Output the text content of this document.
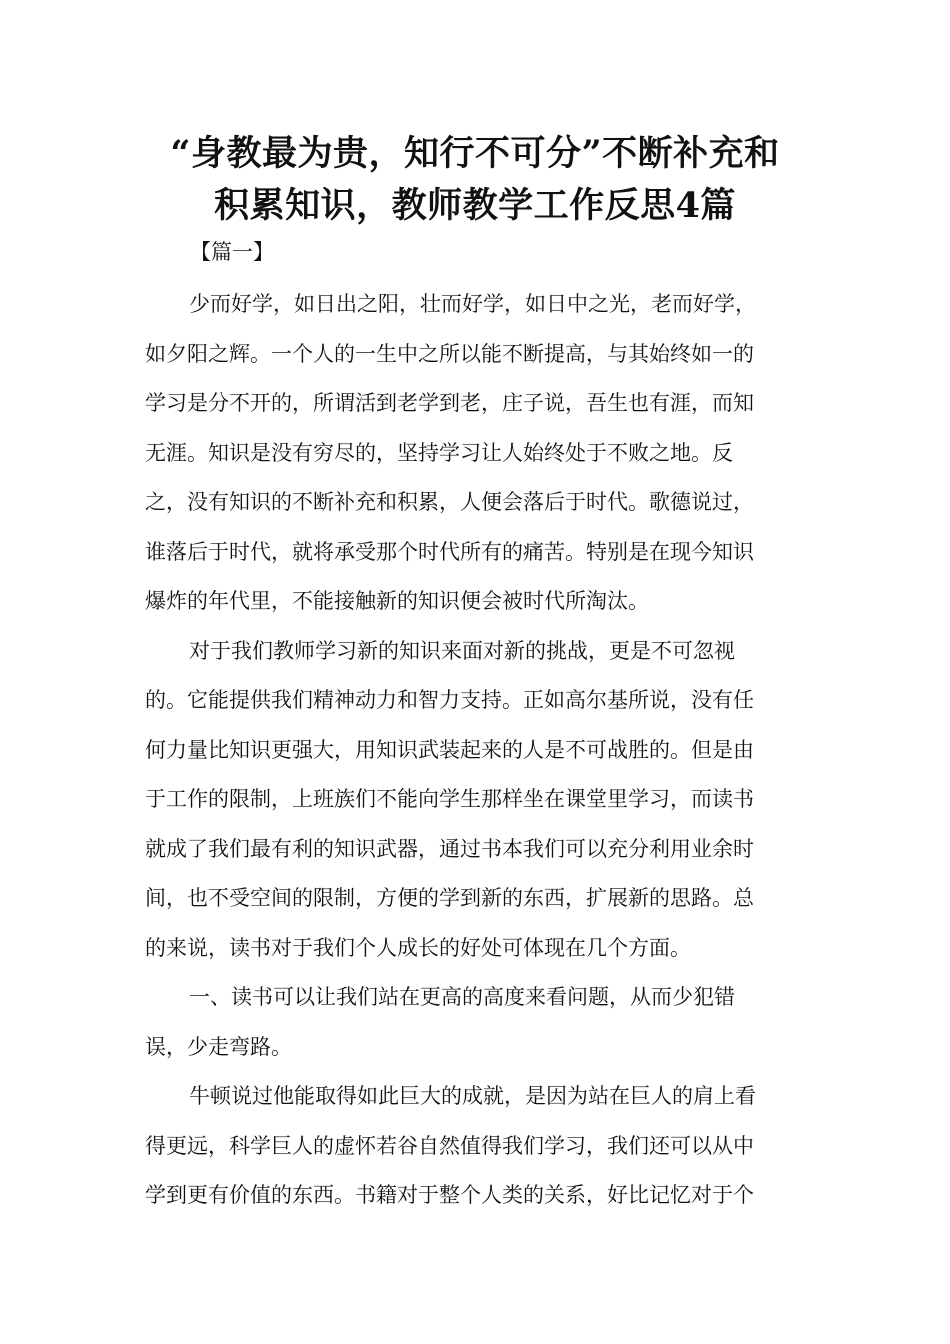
“身教最为贵，知行不可分”不断补充和
积累知识，教师教学工作反思4篇
【篇一】
少而好学，如日出之阳，壮而好学，如日中之光，老而好学，
如夕阳之辉。一个人的一生中之所以能不断提高，与其始终如一的
学习是分不开的，所谓活到老学到老，庄子说，吾生也有涯，而知
无涯。知识是没有穷尽的，坚持学习让人始终处于不败之地。反
之，没有知识的不断补充和积累，人便会落后于时代。歌德说过，
谁落后于时代，就将承受那个时代所有的痛苦。特别是在现今知识
爆炸的年代里，不能接触新的知识便会被时代所淘汰。
对于我们教师学习新的知识来面对新的挑战，更是不可忽视
的。它能提供我们精神动力和智力支持。正如高尔基所说，没有任
何力量比知识更强大，用知识武装起来的人是不可战胜的。但是由
于工作的限制，上班族们不能向学生那样坐在课堂里学习，而读书
就成了我们最有利的知识武器，通过书本我们可以充分利用业余时
间，也不受空间的限制，方便的学到新的东西，扩展新的思路。总
的来说，读书对于我们个人成长的好处可体现在几个方面。
一、读书可以让我们站在更高的高度来看问题，从而少犯错
误，少走弯路。
牛顿说过他能取得如此巨大的成就，是因为站在巨人的肩上看
得更远，科学巨人的虚怀若谷自然值得我们学习，我们还可以从中
学到更有价值的东西。书籍对于整个人类的关系，好比记忆对于个
